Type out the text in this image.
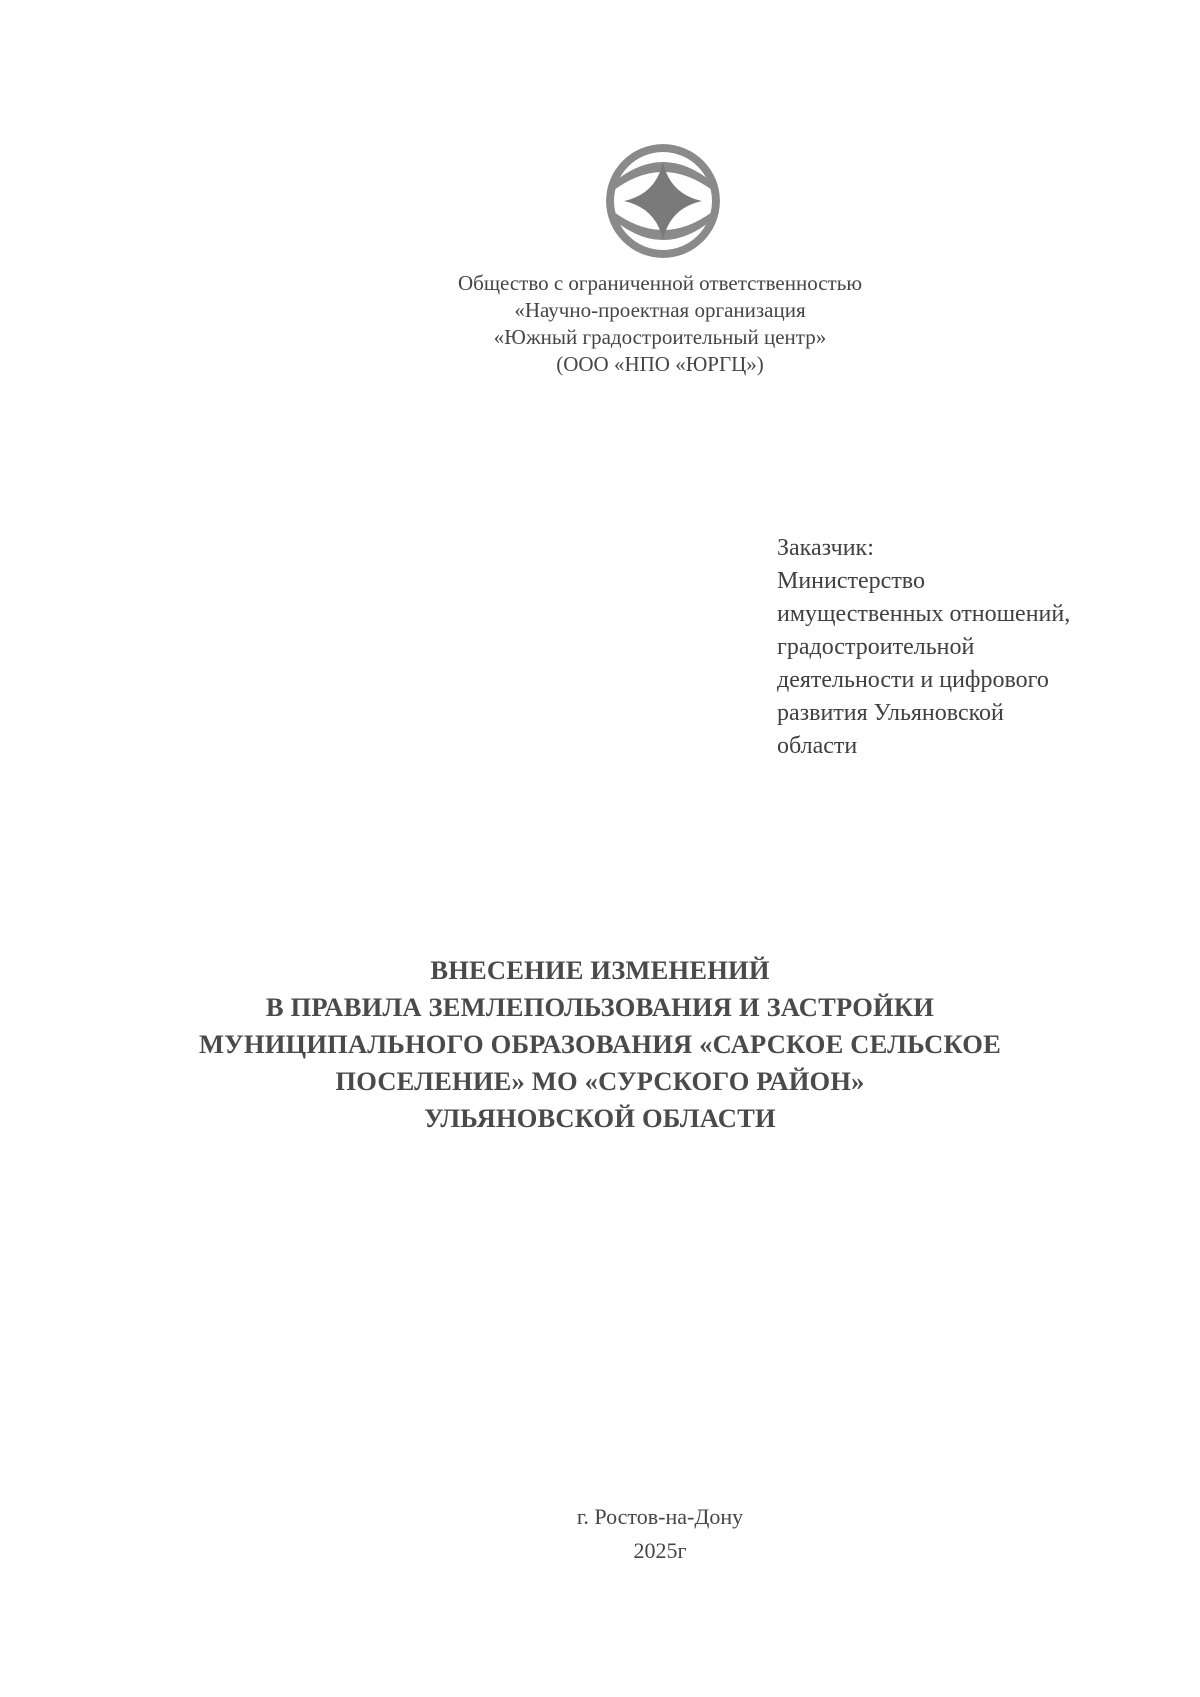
Общество с ограниченной ответственностью
«Научно-проектная организация
«Южный градостроительный центр»
(ООО «НПО «ЮРГЦ»)
Заказчик:
Министерство
имущественных отношений,
градостроительной
деятельности и цифрового
развития Ульяновской
области
ВНЕСЕНИЕ ИЗМЕНЕНИЙ
В ПРАВИЛА ЗЕМЛЕПОЛЬЗОВАНИЯ И ЗАСТРОЙКИ
МУНИЦИПАЛЬНОГО ОБРАЗОВАНИЯ «САРСКОЕ СЕЛЬСКОЕ
ПОСЕЛЕНИЕ» МО «СУРСКОГО РАЙОН»
УЛЬЯНОВСКОЙ ОБЛАСТИ
г. Ростов-на-Дону
2025г
